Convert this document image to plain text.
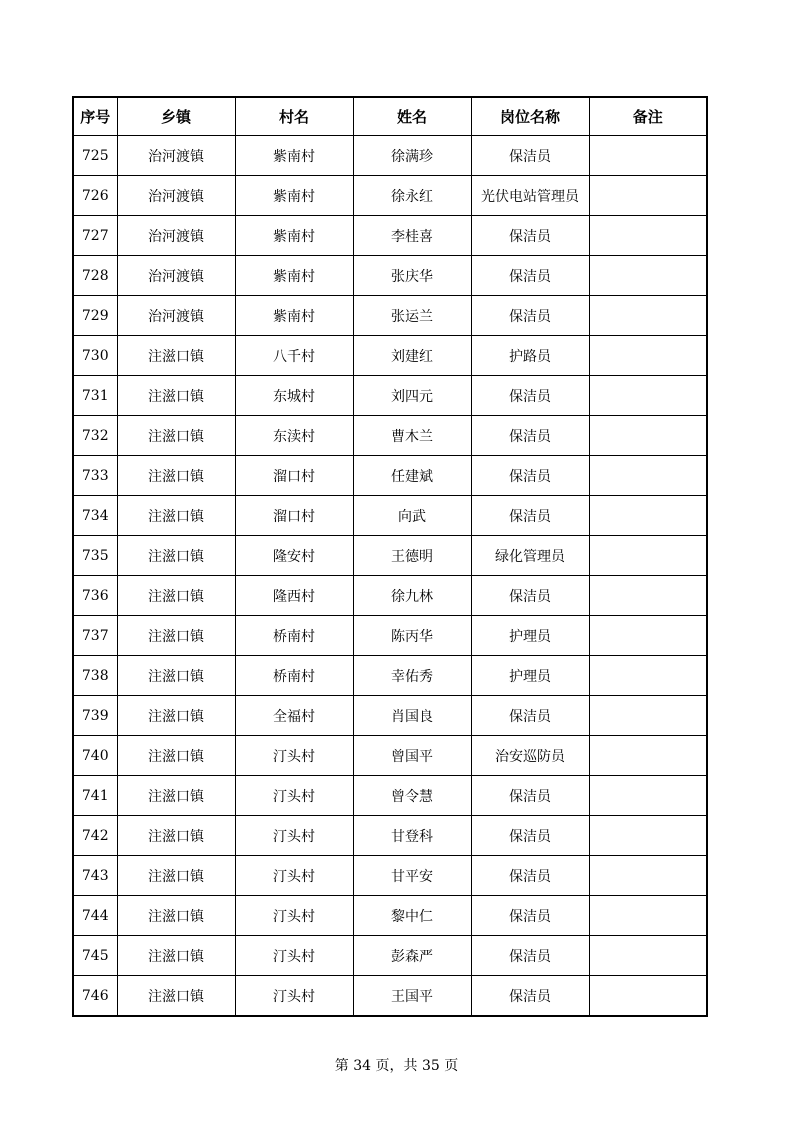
序号	乡镇	村名	姓名	岗位名称	备注
725	治河渡镇	紫南村	徐满珍	保洁员	
726	治河渡镇	紫南村	徐永红	光伏电站管理员	
727	治河渡镇	紫南村	李桂喜	保洁员	
728	治河渡镇	紫南村	张庆华	保洁员	
729	治河渡镇	紫南村	张运兰	保洁员	
730	注滋口镇	八千村	刘建红	护路员	
731	注滋口镇	东城村	刘四元	保洁员	
732	注滋口镇	东渎村	曹木兰	保洁员	
733	注滋口镇	溜口村	任建斌	保洁员	
734	注滋口镇	溜口村	向武	保洁员	
735	注滋口镇	隆安村	王德明	绿化管理员	
736	注滋口镇	隆西村	徐九林	保洁员	
737	注滋口镇	桥南村	陈丙华	护理员	
738	注滋口镇	桥南村	幸佑秀	护理员	
739	注滋口镇	全福村	肖国良	保洁员	
740	注滋口镇	汀头村	曾国平	治安巡防员	
741	注滋口镇	汀头村	曾令慧	保洁员	
742	注滋口镇	汀头村	甘登科	保洁员	
743	注滋口镇	汀头村	甘平安	保洁员	
744	注滋口镇	汀头村	黎中仁	保洁员	
745	注滋口镇	汀头村	彭森严	保洁员	
746	注滋口镇	汀头村	王国平	保洁员	
第 34 页，共 35 页
